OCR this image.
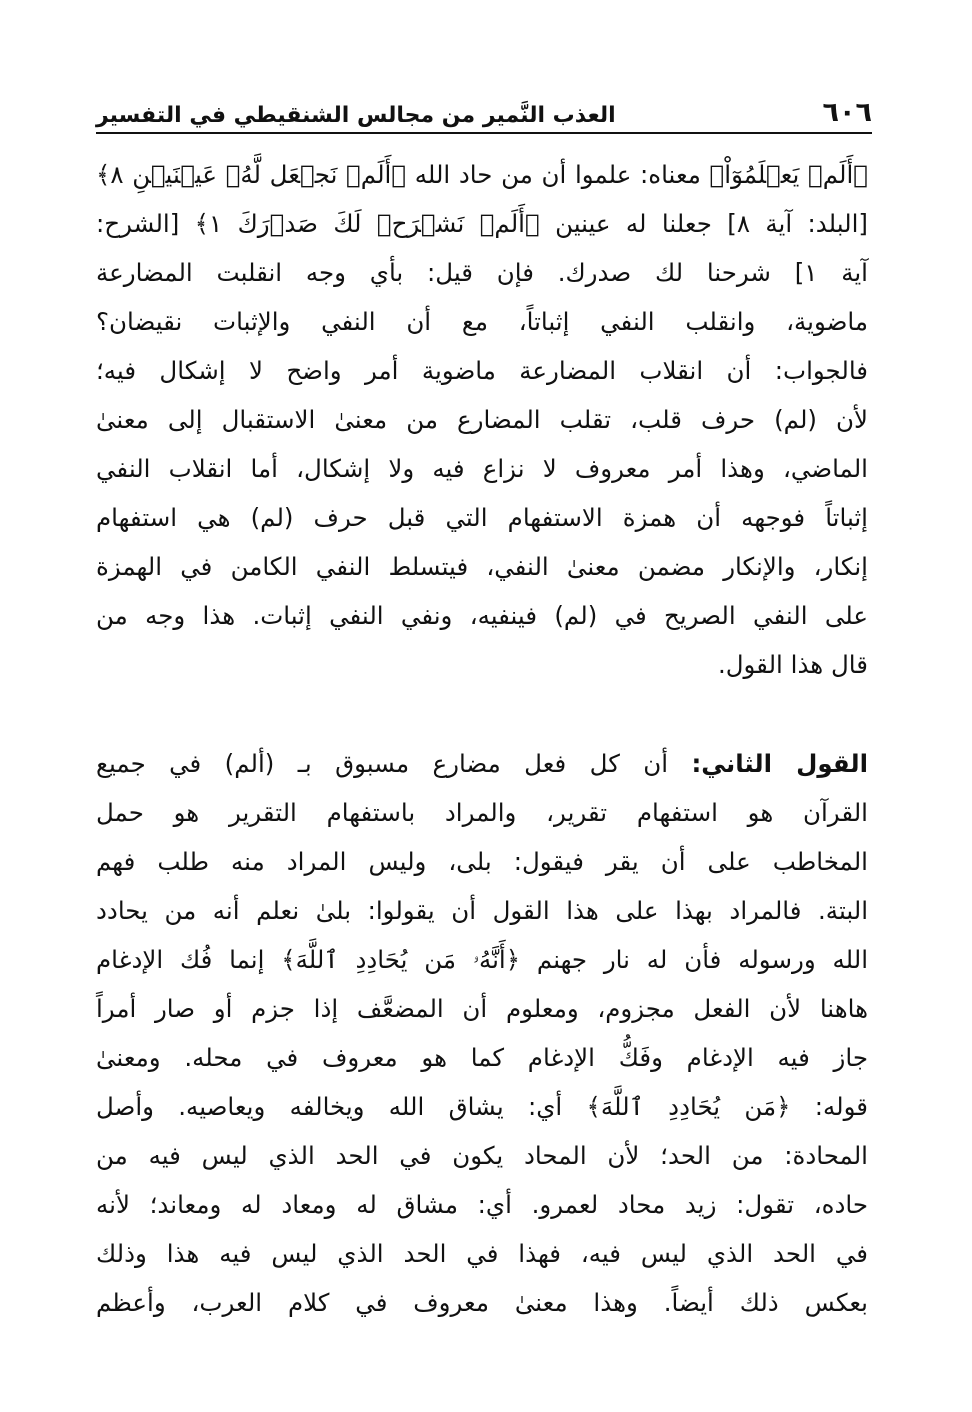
٦٠٦
العذب النَّمير من مجالس الشنقيطي في التفسير
﴿أَلَمۡ يَعۡلَمُوٓاْ﴾ معناه: علموا أن من حاد الله ﴿أَلَمۡ نَجۡعَل لَّهُۥ عَيۡنَيۡنِ ٨﴾
[البلد: آية ٨] جعلنا له عينين ﴿أَلَمۡ نَشۡرَحۡ لَكَ صَدۡرَكَ ١﴾ [الشرح:
آية ١] شرحنا لك صدرك. فإن قيل: بأي وجه انقلبت المضارعة
ماضوية، وانقلب النفي إثباتاً، مع أن النفي والإثبات نقيضان؟
فالجواب: أن انقلاب المضارعة ماضوية أمر واضح لا إشكال فيه؛
لأن (لم) حرف قلب، تقلب المضارع من معنىٰ الاستقبال إلى معنىٰ
الماضي، وهذا أمر معروف لا نزاع فيه ولا إشكال، أما انقلاب النفي
إثباتاً فوجهه أن همزة الاستفهام التي قبل حرف (لم) هي استفهام
إنكار، والإنكار مضمن معنىٰ النفي، فيتسلط النفي الكامن في الهمزة
على النفي الصريح في (لم) فينفيه، ونفي النفي إثبات. هذا وجه من
قال هذا القول.
القول الثاني: أن كل فعل مضارع مسبوق بـ (ألم) في جميع
القرآن هو استفهام تقرير، والمراد باستفهام التقرير هو حمل
المخاطب على أن يقر فيقول: بلى، وليس المراد منه طلب فهم
البتة. فالمراد بهذا على هذا القول أن يقولوا: بلىٰ نعلم أنه من يحادد
الله ورسوله فأن له نار جهنم ﴿أَنَّهُۥ مَن يُحَادِدِ ٱللَّهَ﴾ إنما فُك الإدغام
هاهنا لأن الفعل مجزوم، ومعلوم أن المضعَّف إذا جزم أو صار أمراً
جاز فيه الإدغام وفَكُّ الإدغام كما هو معروف في محله. ومعنىٰ
قوله: ﴿مَن يُحَادِدِ ٱللَّهَ﴾ أي: يشاق الله ويخالفه ويعاصيه. وأصل
المحادة: من الحد؛ لأن المحاد يكون في الحد الذي ليس فيه من
حاده، تقول: زيد محاد لعمرو. أي: مشاق له ومعاد له ومعاند؛ لأنه
في الحد الذي ليس فيه، فهذا في الحد الذي ليس فيه هذا وذلك
بعكس ذلك أيضاً. وهذا معنىٰ معروف في كلام العرب، وأعظم
